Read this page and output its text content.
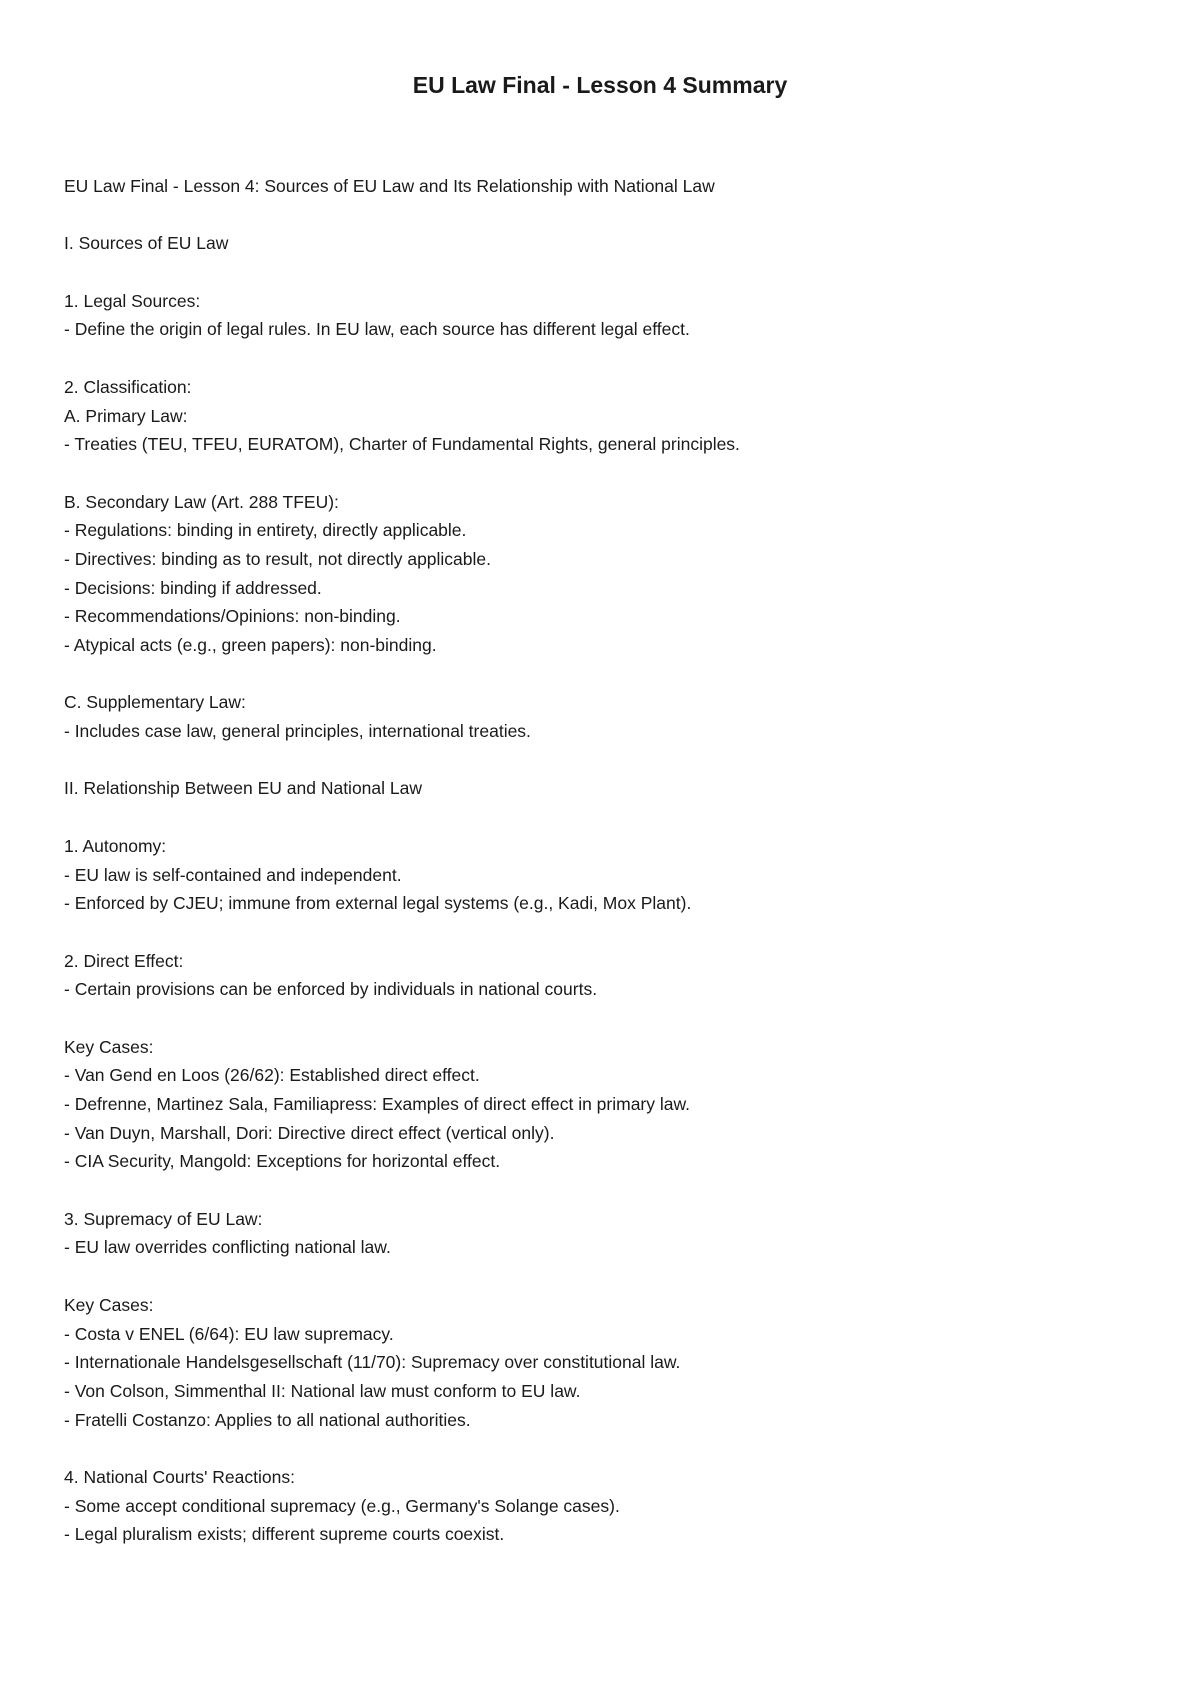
EU Law Final - Lesson 4 Summary
EU Law Final - Lesson 4: Sources of EU Law and Its Relationship with National Law
I. Sources of EU Law
1. Legal Sources:
- Define the origin of legal rules. In EU law, each source has different legal effect.
2. Classification:
A. Primary Law:
- Treaties (TEU, TFEU, EURATOM), Charter of Fundamental Rights, general principles.
B. Secondary Law (Art. 288 TFEU):
- Regulations: binding in entirety, directly applicable.
- Directives: binding as to result, not directly applicable.
- Decisions: binding if addressed.
- Recommendations/Opinions: non-binding.
- Atypical acts (e.g., green papers): non-binding.
C. Supplementary Law:
- Includes case law, general principles, international treaties.
II. Relationship Between EU and National Law
1. Autonomy:
- EU law is self-contained and independent.
- Enforced by CJEU; immune from external legal systems (e.g., Kadi, Mox Plant).
2. Direct Effect:
- Certain provisions can be enforced by individuals in national courts.
Key Cases:
- Van Gend en Loos (26/62): Established direct effect.
- Defrenne, Martinez Sala, Familiapress: Examples of direct effect in primary law.
- Van Duyn, Marshall, Dori: Directive direct effect (vertical only).
- CIA Security, Mangold: Exceptions for horizontal effect.
3. Supremacy of EU Law:
- EU law overrides conflicting national law.
Key Cases:
- Costa v ENEL (6/64): EU law supremacy.
- Internationale Handelsgesellschaft (11/70): Supremacy over constitutional law.
- Von Colson, Simmenthal II: National law must conform to EU law.
- Fratelli Costanzo: Applies to all national authorities.
4. National Courts' Reactions:
- Some accept conditional supremacy (e.g., Germany's Solange cases).
- Legal pluralism exists; different supreme courts coexist.
